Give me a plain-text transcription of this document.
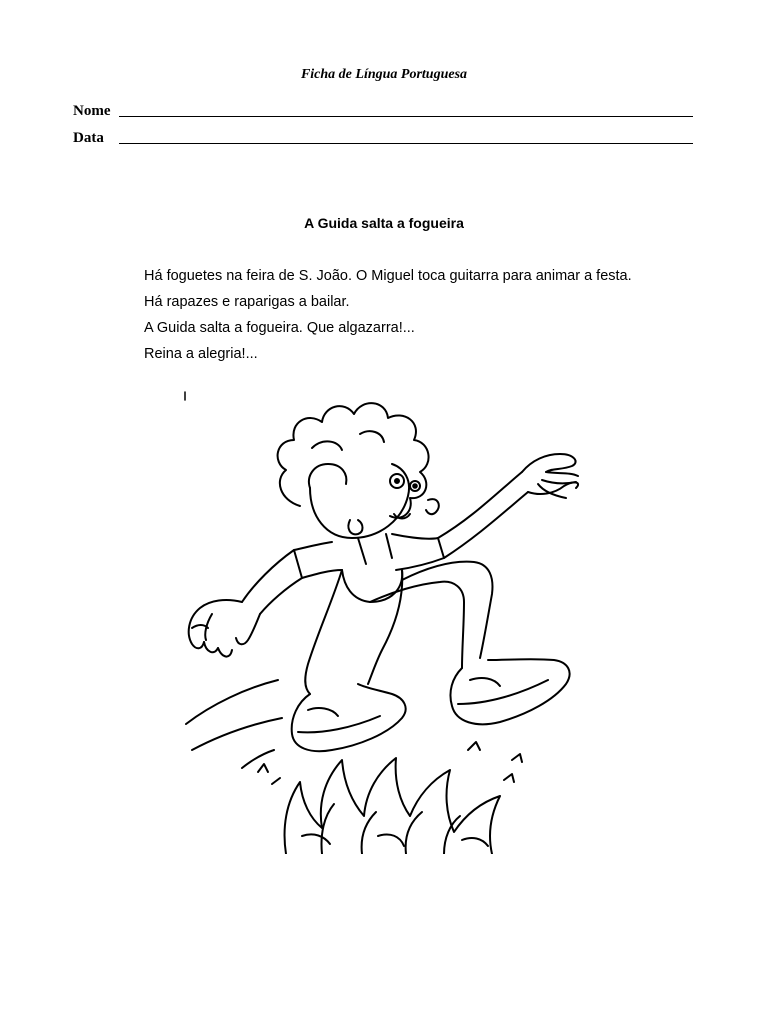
Ficha de Língua Portuguesa
Nome
Data
A Guida salta a fogueira

Há foguetes na feira de S. João. O Miguel toca guitarra para animar a festa.

Há rapazes e raparigas a bailar.

A Guida salta a fogueira. Que algazarra!...

Reina a alegria!...
